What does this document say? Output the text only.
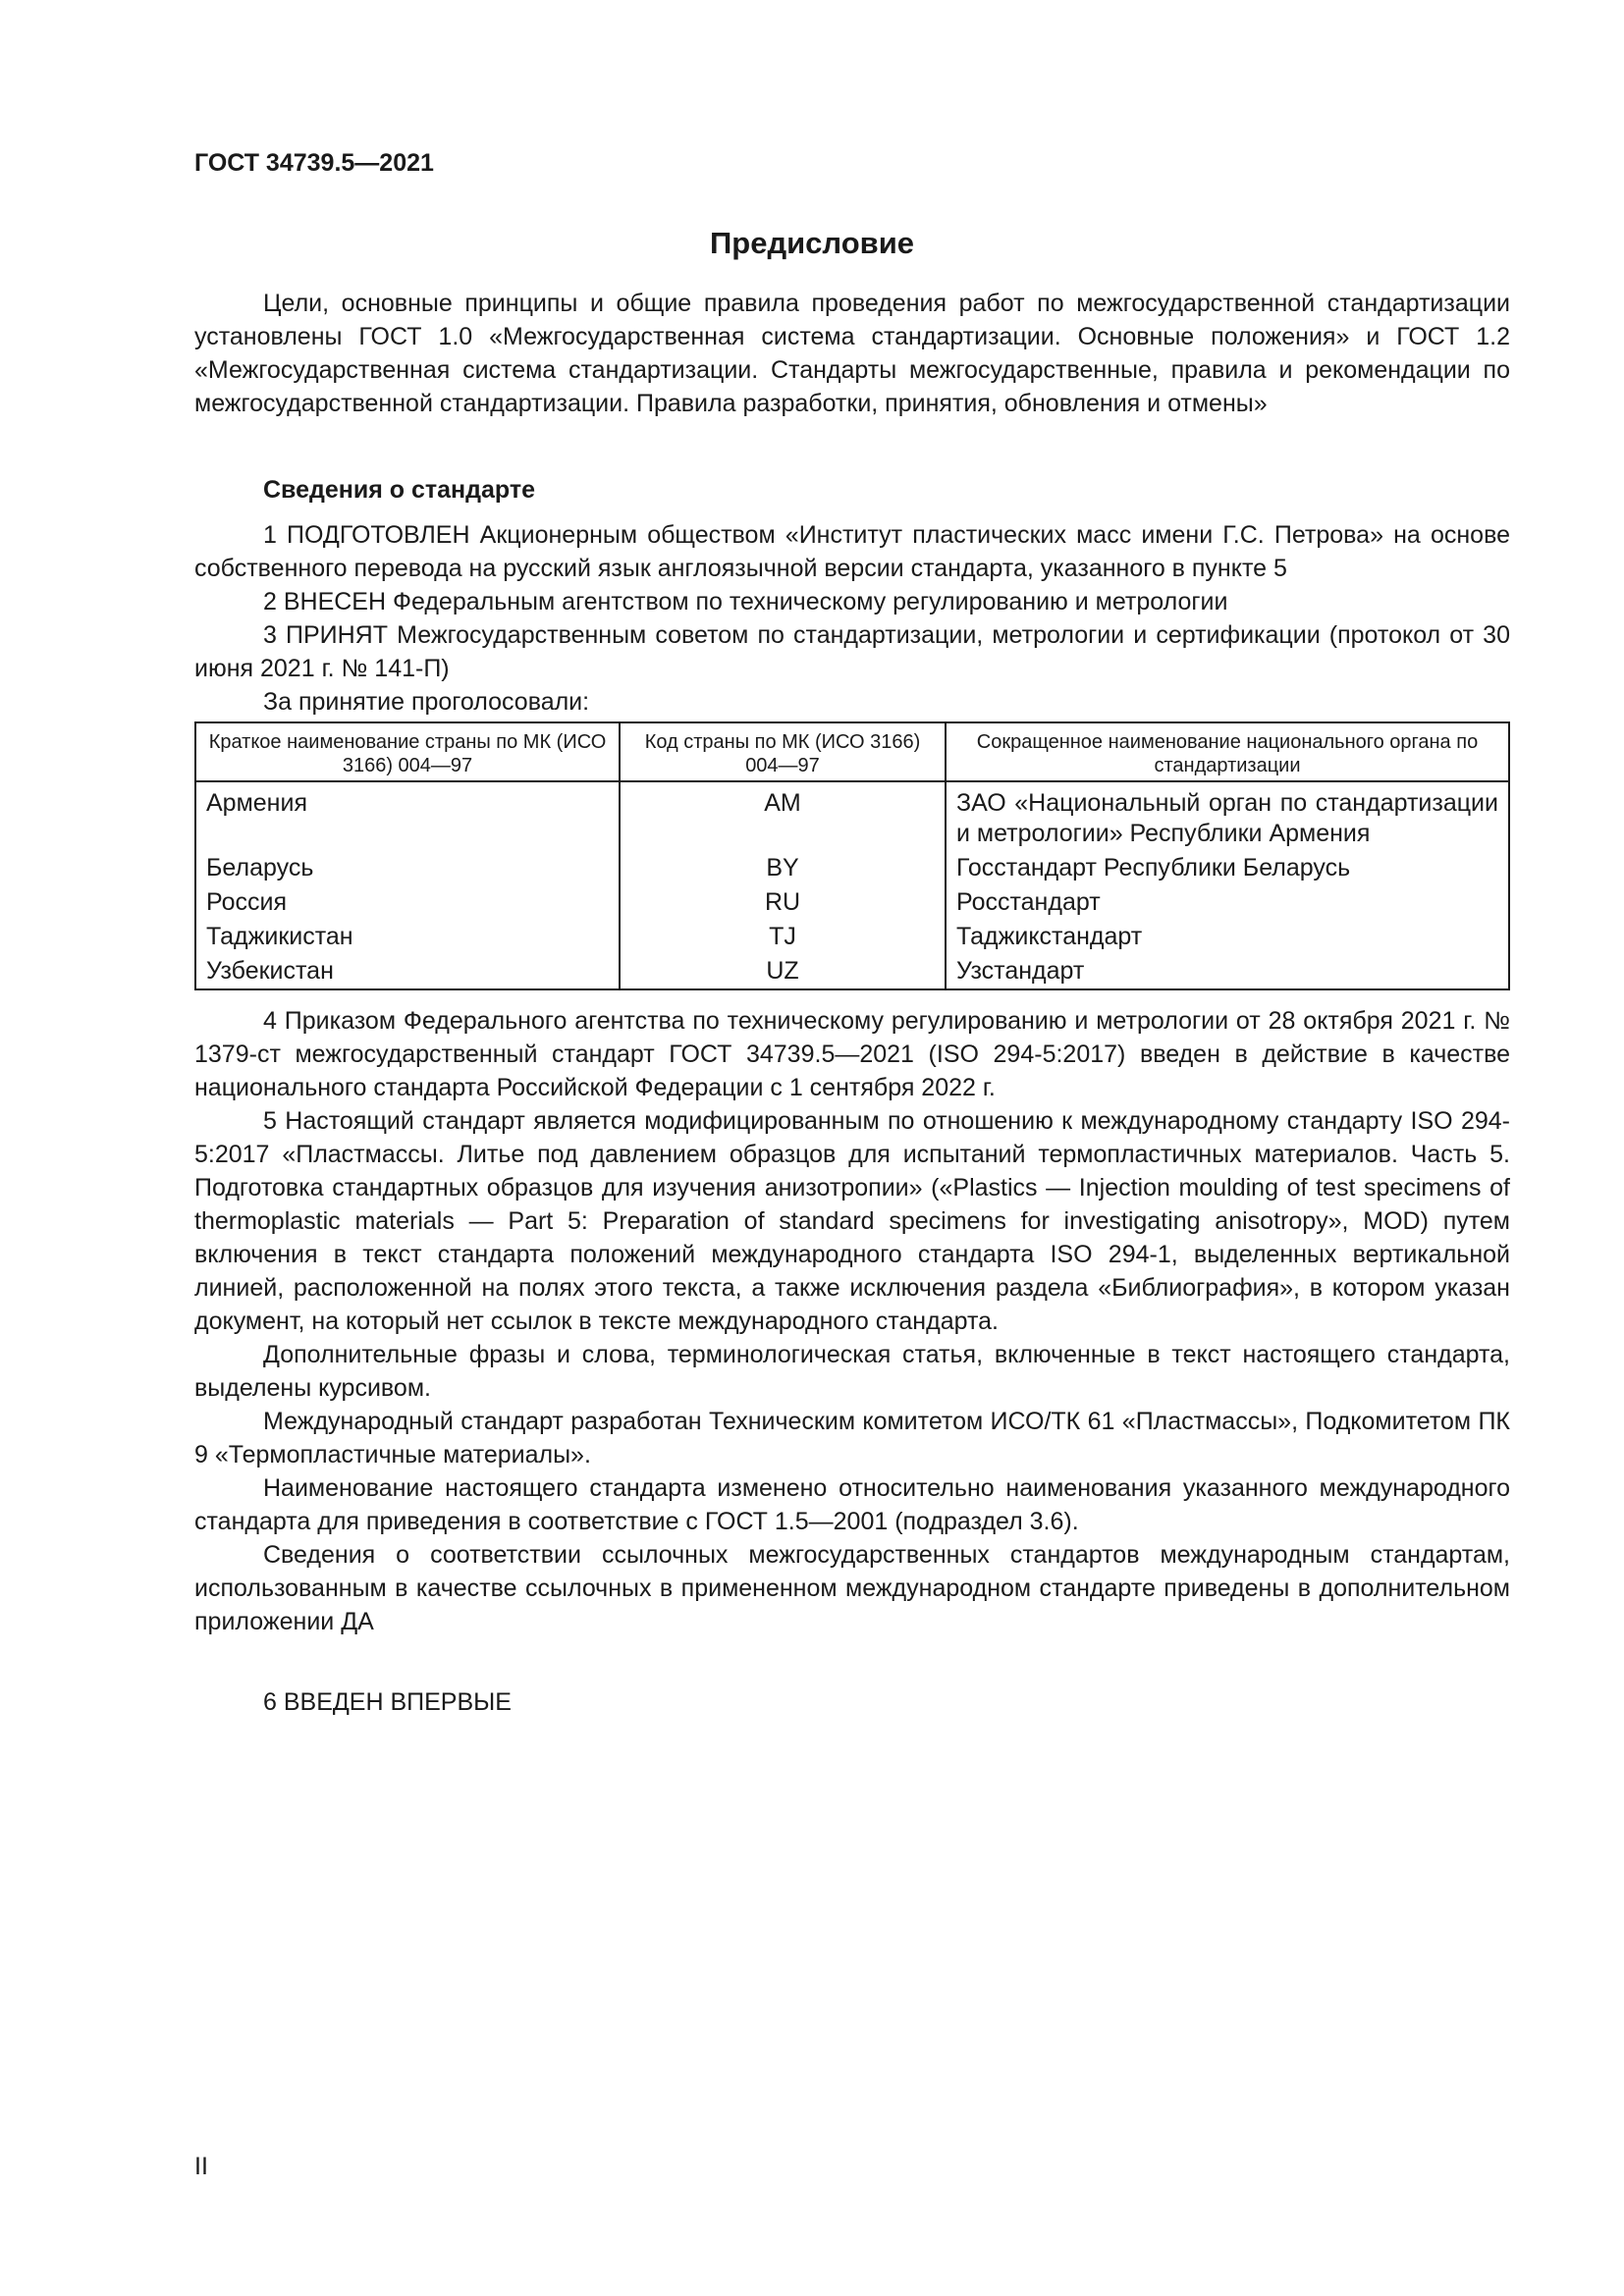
ГОСТ 34739.5—2021
Предисловие

Цели, основные принципы и общие правила проведения работ по межгосударственной стандартизации установлены ГОСТ 1.0 «Межгосударственная система стандартизации. Основные положения» и ГОСТ 1.2 «Межгосударственная система стандартизации. Стандарты межгосударственные, правила и рекомендации по межгосударственной стандартизации. Правила разработки, принятия, обновления и отмены»

Сведения о стандарте

1 ПОДГОТОВЛЕН Акционерным обществом «Институт пластических масс имени Г.С. Петрова» на основе собственного перевода на русский язык англоязычной версии стандарта, указанного в пункте 5

2 ВНЕСЕН Федеральным агентством по техническому регулированию и метрологии

3 ПРИНЯТ Межгосударственным советом по стандартизации, метрологии и сертификации (протокол от 30 июня 2021 г. № 141-П)

За принятие проголосовали:

Краткое наименование страны по МК (ИСО 3166) 004—97	Код страны по МК (ИСО 3166) 004—97	Сокращенное наименование национального органа по стандартизации
Армения	AM	ЗАО «Национальный орган по стандартизации и метрологии» Республики Армения
Беларусь	BY	Госстандарт Республики Беларусь
Россия	RU	Росстандарт
Таджикистан	TJ	Таджикстандарт
Узбекистан	UZ	Узстандарт

4 Приказом Федерального агентства по техническому регулированию и метрологии от 28 октября 2021 г. № 1379-ст межгосударственный стандарт ГОСТ 34739.5—2021 (ISO 294-5:2017) введен в действие в качестве национального стандарта Российской Федерации с 1 сентября 2022 г.

5 Настоящий стандарт является модифицированным по отношению к международному стандарту ISO 294-5:2017 «Пластмассы. Литье под давлением образцов для испытаний термопластичных материалов. Часть 5. Подготовка стандартных образцов для изучения анизотропии» («Plastics — Injection moulding of test specimens of thermoplastic materials — Part 5: Preparation of standard specimens for investigating anisotropy», MOD) путем включения в текст стандарта положений международного стандарта ISO 294-1, выделенных вертикальной линией, расположенной на полях этого текста, а также исключения раздела «Библиография», в котором указан документ, на который нет ссылок в тексте международного стандарта.

Дополнительные фразы и слова, терминологическая статья, включенные в текст настоящего стандарта, выделены курсивом.

Международный стандарт разработан Техническим комитетом ИСО/ТК 61 «Пластмассы», Подкомитетом ПК 9 «Термопластичные материалы».

Наименование настоящего стандарта изменено относительно наименования указанного международного стандарта для приведения в соответствие с ГОСТ 1.5—2001 (подраздел 3.6).

Сведения о соответствии ссылочных межгосударственных стандартов международным стандартам, использованным в качестве ссылочных в примененном международном стандарте приведены в дополнительном приложении ДА

6 ВВЕДЕН ВПЕРВЫЕ
II
